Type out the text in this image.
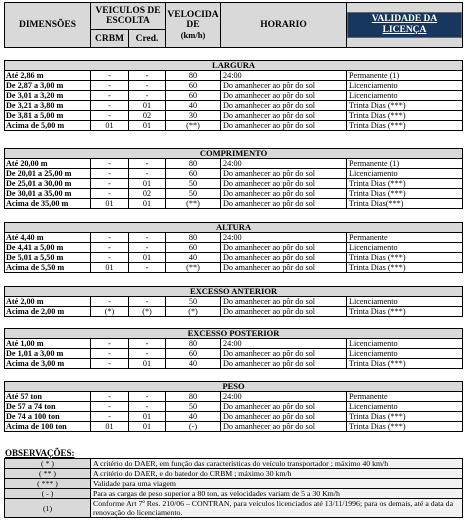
DIMENSÕES	VEICULOS DE ESCOLTA		VELOCIDA DE
(km/h)	HORARIO	VALIDADE DA LICENÇA
	CRBM	Cred.			
LARGURA					
Até 2,86 m	-	-	80	24:00	Permanente (1)
De 2,87 a 3,00 m	-	-	60	Do amanhecer ao pôr do sol	Licenciamento
De 3,01 a 3,20 m	-	-	60	Do amanhecer ao pôr do sol	Licenciamento
De 3,21 a 3,80 m	-	01	40	Do amanhecer ao pôr do sol	Trinta Dias (***)
De 3,81 a 5,00 m	-	02	30	Do amanhecer ao pôr do sol	Trinta Dias (***)
Acima de 5,00 m	01	01	(**)	Do amanhecer ao pôr do sol	Trinta Dias (***)
COMPRIMENTO					
Até 20,00 m	-	-	80	24:00	Permanente (1)
De 20,01 a 25,00 m	-	-	60	Do amanhecer ao pôr do sol	Licenciamento
De 25,01 a 30,00 m	-	01	50	Do amanhecer ao pôr do sol	Trinta Dias (***)
De 30,01 a 35,00 m	-	02	50	Do amanhecer ao pôr do sol	Trinta Dias (***)
Acima de 35,00 m	01	01	(**)	Do amanhecer ao pôr do sol	Trinta Dias(***)
ALTURA					
Até 4,40 m	-	-	80	24:00	Permanente
De 4,41 a 5,00 m	-	-	60	Do amanhecer ao pôr do sol	Licenciamento
De 5,01 a 5,50 m	-	01	40	Do amanhecer ao pôr do sol	Trinta Dias (***)
Acima de 5,50 m	01	-	(**)	Do amanhecer ao pôr do sol	Trinta Dias (***)
EXCESSO ANTERIOR					
Até 2,00 m	-	-	50	Do amanhecer ao pôr do sol	Licenciamento
Acima de 2,00 m	(*)	(*)	(*)	Do amanhecer ao pôr do sol	Trinta Dias (***)
EXCESSO POSTERIOR					
Até 1,00 m	-	-	80	24:00	Licenciamento
De 1,01 a 3,00 m	-	-	60	Do amanhecer ao pôr do sol	Licenciamento
Acima de 3,00 m	-	01	40	Do amanhecer ao pôr do sol	Trinta Dias (***)
PESO					
Até 57 ton	-	-	80	24:00	Permanente
De 57 a 74 ton	-	-	50	Do amanhecer ao pôr do sol	Licenciamento
De 74 a 100 ton	-	01	40	Do amanhecer ao pôr do sol	Trinta Dias (***)
Acima de 100 ton	01	01	(-)	Do amanhecer ao pôr do sol	Trinta Dias (***)
OBSERVAÇÕES:
( * )	A critério do DAER, em função das características do veículo transportador ; máximo 40 km/h
( ** )	A critério do DAER, e do batedor do CRBM ; máximo 30 km/h
( *** )	Validade para uma viagem
( - )	Para as cargas de peso superior a 80 ton, as velocidades variam de 5 a 30 Km/h
(1)	Conforme Art 7º Res. 210/06 – CONTRAN, para veículos licenciados até 13/11/1996; para os demais, até a data da renovação do licenciamento.
